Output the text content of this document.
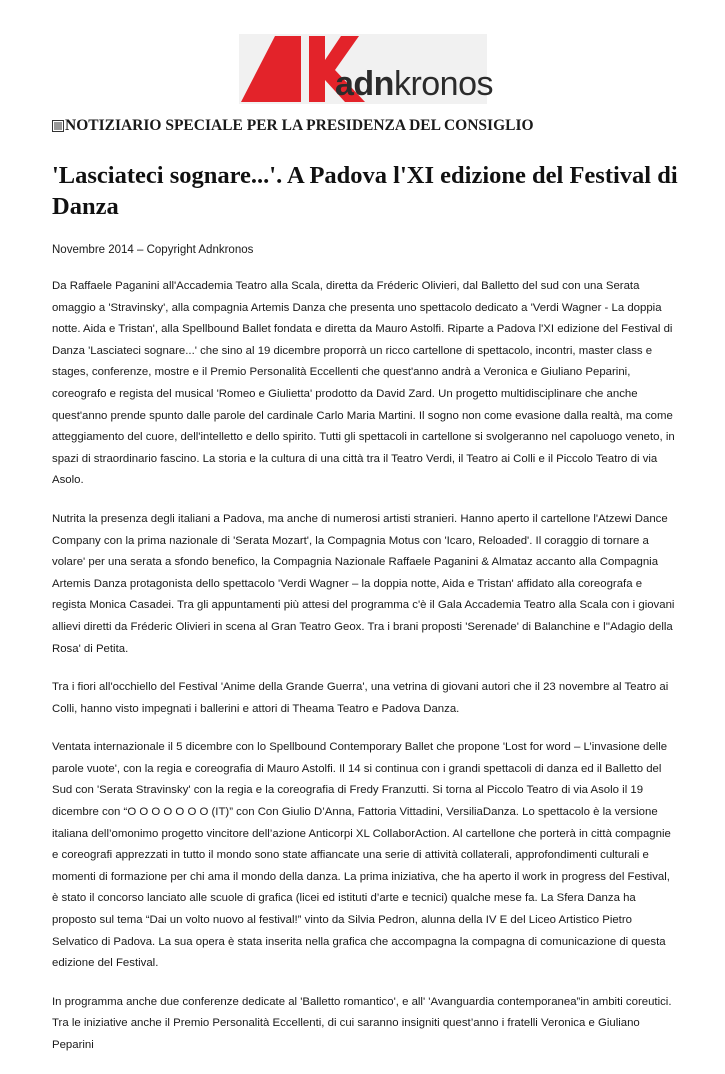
adnkronos
NOTIZIARIO SPECIALE PER LA PRESIDENZA DEL CONSIGLIO
'Lasciateci sognare...'. A Padova l'XI edizione del Festival di Danza
Novembre 2014 – Copyright Adnkronos

Da Raffaele Paganini all'Accademia Teatro alla Scala, diretta da Fréderic Olivieri, dal Balletto del sud con una Serata omaggio a 'Stravinsky', alla compagnia Artemis Danza che presenta uno spettacolo dedicato a 'Verdi Wagner - La doppia notte. Aida e Tristan', alla Spellbound Ballet fondata e diretta da Mauro Astolfi. Riparte a Padova l'XI edizione del Festival di Danza 'Lasciateci sognare...' che sino al 19 dicembre proporrà un ricco cartellone di spettacolo, incontri, master class e stages, conferenze, mostre e il Premio Personalità Eccellenti che quest'anno andrà a Veronica e Giuliano Peparini, coreografo e regista del musical 'Romeo e Giulietta' prodotto da David Zard. Un progetto multidisciplinare che anche quest'anno prende spunto dalle parole del cardinale Carlo Maria Martini. Il sogno non come evasione dalla realtà, ma come atteggiamento del cuore, dell'intelletto e dello spirito. Tutti gli spettacoli in cartellone si svolgeranno nel capoluogo veneto, in spazi di straordinario fascino. La storia e la cultura di una città tra il Teatro Verdi, il Teatro ai Colli e il Piccolo Teatro di via Asolo.

Nutrita la presenza degli italiani a Padova, ma anche di numerosi artisti stranieri. Hanno aperto il cartellone l'Atzewi Dance Company con la prima nazionale di 'Serata Mozart', la Compagnia Motus con 'Icaro, Reloaded'. Il coraggio di tornare a volare' per una serata a sfondo benefico, la Compagnia Nazionale Raffaele Paganini & Almataz accanto alla Compagnia Artemis Danza protagonista dello spettacolo 'Verdi Wagner – la doppia notte, Aida e Tristan' affidato alla coreografa e regista Monica Casadei. Tra gli appuntamenti più attesi del programma c'è il Gala Accademia Teatro alla Scala con i giovani allievi diretti da Fréderic Olivieri in scena al Gran Teatro Geox. Tra i brani proposti 'Serenade' di Balanchine e l''Adagio della Rosa' di Petita.

Tra i fiori all'occhiello del Festival 'Anime della Grande Guerra', una vetrina di giovani autori che il 23 novembre al Teatro ai Colli, hanno visto impegnati i ballerini e attori di Theama Teatro e Padova Danza.

Ventata internazionale il 5 dicembre con lo Spellbound Contemporary Ballet che propone 'Lost for word – L’invasione delle parole vuote', con la regia e coreografia di Mauro Astolfi. Il 14 si continua con i grandi spettacoli di danza ed il Balletto del Sud con 'Serata Stravinsky' con la regia e la coreografia di Fredy Franzutti. Si torna al Piccolo Teatro di via Asolo il 19 dicembre con “O O O O O O O (IT)” con Con Giulio D’Anna, Fattoria Vittadini, VersiliaDanza. Lo spettacolo è la versione italiana dell’omonimo progetto vincitore dell’azione Anticorpi XL CollaborAction. Al cartellone che porterà in città compagnie e coreografi apprezzati in tutto il mondo sono state affiancate una serie di attività collaterali, approfondimenti culturali e momenti di formazione per chi ama il mondo della danza. La prima iniziativa, che ha aperto il work in progress del Festival, è stato il concorso lanciato alle scuole di grafica (licei ed istituti d’arte e tecnici) qualche mese fa. La Sfera Danza ha proposto sul tema “Dai un volto nuovo al festival!” vinto da Silvia Pedron, alunna della IV E del Liceo Artistico Pietro Selvatico di Padova. La sua opera è stata inserita nella grafica che accompagna la compagna di comunicazione di questa edizione del Festival.

In programma anche due conferenze dedicate al 'Balletto romantico', e all' 'Avanguardia contemporanea”in ambiti coreutici. Tra le iniziative anche il Premio Personalità Eccellenti, di cui saranno insigniti quest’anno i fratelli Veronica e Giuliano Peparini
